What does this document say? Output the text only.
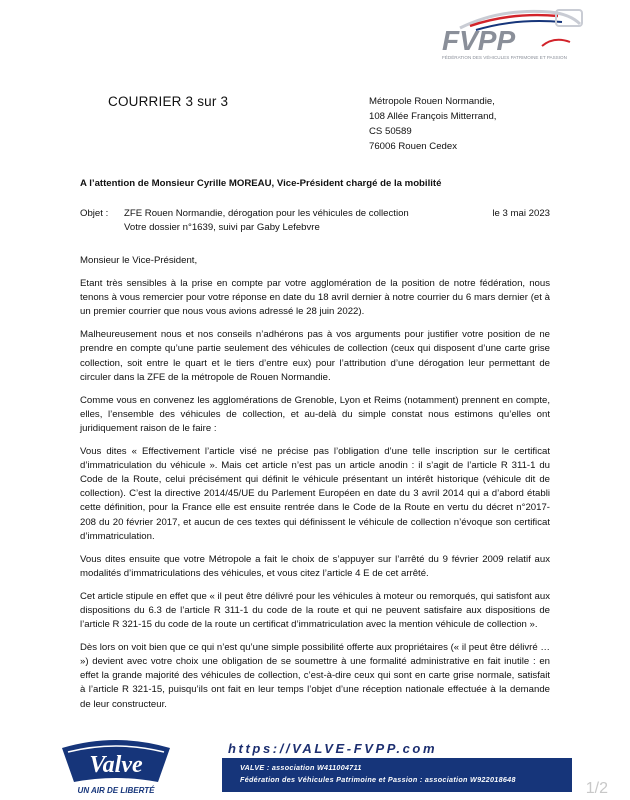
FVPP
FÉDÉRATION DES VÉHICULES PATRIMOINE ET PASSION
COURRIER 3 sur 3	Métropole Rouen Normandie,
108 Allée François Mitterrand,
CS 50589
76006 Rouen Cedex
A l’attention de Monsieur Cyrille MOREAU, Vice-Président chargé de la mobilité
Objet : ZFE Rouen Normandie, dérogation pour les véhicules de collection
Votre dossier n°1639, suivi par Gaby Lefebvre
le 3 mai 2023

Monsieur le Vice-Président,

Etant très sensibles à la prise en compte par votre agglomération de la position de notre fédération, nous tenons à vous remercier pour votre réponse en date du 18 avril dernier à notre courrier du 6 mars dernier (et à un premier courrier que nous vous avions adressé le 28 juin 2022).

Malheureusement nous et nos conseils n’adhérons pas à vos arguments pour justifier votre position de ne prendre en compte qu’une partie seulement des véhicules de collection (ceux qui disposent d’une carte grise collection, soit entre le quart et le tiers d’entre eux) pour l’attribution d’une dérogation leur permettant de circuler dans la ZFE de la métropole de Rouen Normandie.

Comme vous en convenez les agglomérations de Grenoble, Lyon et Reims (notamment) prennent en compte, elles, l’ensemble des véhicules de collection, et au-delà du simple constat nous estimons qu’elles ont juridiquement raison de le faire :

Vous dites « Effectivement l’article visé ne précise pas l’obligation d’une telle inscription sur le certificat d’immatriculation du véhicule ». Mais cet article n’est pas un article anodin : il s’agit de l’article R 311-1 du Code de la Route, celui précisément qui définit le véhicule présentant un intérêt historique (véhicule dit de collection). C’est la directive 2014/45/UE du Parlement Européen en date du 3 avril 2014 qui a d’abord établi cette définition, pour la France elle est ensuite rentrée dans le Code de la Route en vertu du décret n°2017-208 du 20 février 2017, et aucun de ces textes qui définissent le véhicule de collection n’évoque son certificat d’immatriculation.

Vous dites ensuite que votre Métropole a fait le choix de s’appuyer sur l’arrêté du 9 février 2009 relatif aux modalités d’immatriculations des véhicules, et vous citez l’article 4 E de cet arrêté.

Cet article stipule en effet que « il peut être délivré pour les véhicules à moteur ou remorqués, qui satisfont aux dispositions du 6.3 de l’article R 311-1 du code de la route et qui ne peuvent satisfaire aux dispositions de l’article R 321-15 du code de la route un certificat d’immatriculation avec la mention véhicule de collection ».

Dès lors on voit bien que ce qui n’est qu’une simple possibilité offerte aux propriétaires (« il peut être délivré … ») devient avec votre choix une obligation de se soumettre à une formalité administrative en fait inutile : en effet la grande majorité des véhicules de collection, c’est-à-dire ceux qui sont en carte grise normale, satisfait à l’article R 321-15, puisqu’ils ont fait en leur temps l’objet d’une réception nationale effectuée à la demande de leur constructeur.

Valve
UN AIR DE LIBERTÉ
https://VALVE-FVPP.com
VALVE : association W411004711
Fédération des Véhicules Patrimoine et Passion : association W922018648
1/2
